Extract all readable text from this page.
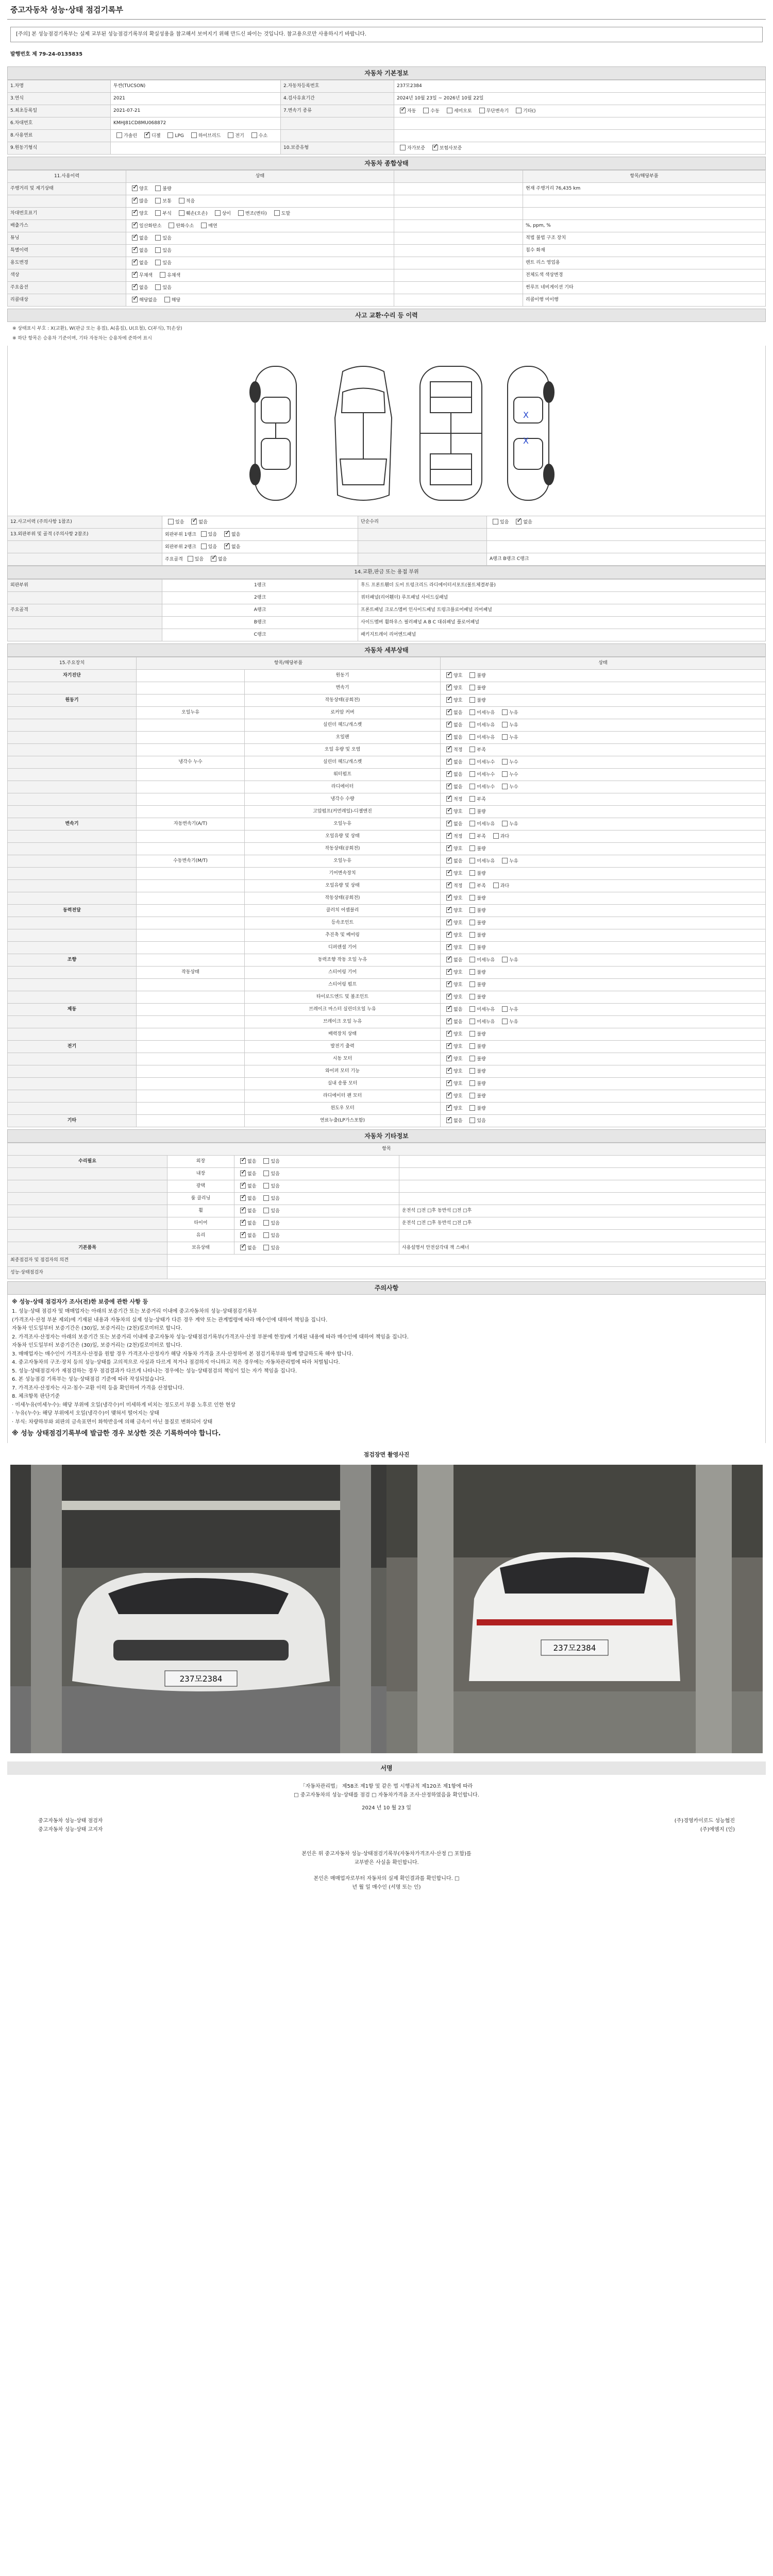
중고자동차 성능·상태 점검기록부
[주의] 본 성능점검기록부는 실제 교부된 성능점검기록부의 확실성용을 참고해서 보여지기 위해 만드신 파이는 것입니다. 참고용으로만 사용하시기 바랍니다.
발행번호 제 79-24-0135835
자동차 기본정보
1.차명	투싼(TUCSON)	2.자동차등록번호	237모2384
3.연식	2021	4.검사유효기간	2024년 10월 23일 ~ 2026년 10월 22일
5.최초등록일	2021-07-21	7.변속기 종류	✓자동 수동 세미오토 무단변속기 기타()
6.차대번호	KMHJ81CD8MU068872		
8.사용연료	가솔린 ✓ 디젤 LPG 하이브리드 전기 수소		
9.원동기형식		10.보증유형	자가보증 ✓ 보험사보증
자동차 종합상태
11.사용이력	상태		항목/해당부품
주행거리 및 계기상태	✓양호 불량		현재 주행거리 76,435 km
	✓많음 보통 적음		
차대번호표기	✓양호 부식 훼손(오손) 상이 변조(변타) 도말		
배출가스	✓일산화탄소 탄화수소 매연		%, ppm, %
튜닝	✓없음 있음		적법 불법 구조 장치
특별이력	✓없음 있음		침수 화재
용도변경	✓없음 있음		렌트 리스 영업용
색상	✓무채색 유채색		전체도색 색상변경
주요옵션	✓없음 있음		썬루프 네비게이션 기타
리콜대상	✓해당없음 해당		리콜이행 미이행
사고 교환·수리 등 이력
※ 상태표시 부호 : X(교환), W(판금 또는 용접), A(흠집), U(요철), C(부식), T(손상)
※ 하단 항목은 승용차 기준이며, 기타 자동차는 승용차에 준하여 표시
X
X
12.사고이력 (주의사항 1참조)	있음 ✓ 없음	단순수리	있음 ✓ 없음
13.외판부위 및 골격 (주의사항 2참조)	외판부위 1랭크 있음 ✓ 없음		
	외판부위 2랭크 있음 ✓ 없음		
	주요골격 있음 ✓ 없음		A랭크 B랭크 C랭크
14.교환,판금 또는 용접 부위
외판부위	1랭크	후드 프론트휀더 도어 트렁크리드 라디에이터서포트(볼트체결부품)
	2랭크	쿼터패널(리어휀더) 루프패널 사이드실패널
주요골격	A랭크	프론트패널 크로스멤버 인사이드패널 트렁크플로어패널 리어패널
	B랭크	사이드멤버 휠하우스 필러패널 A B C 대쉬패널 플로어패널
	C랭크	패키지트레이 리어엔드패널
자동차 세부상태
15.주요장치	항목/해당부품		상태
자기진단		원동기	✓양호 불량
		변속기	✓양호 불량
원동기		작동상태(공회전)	✓양호 불량
	오일누유	로커암 커버	✓없음 미세누유 누유
		실린더 헤드/개스켓	✓없음 미세누유 누유
		오일팬	✓없음 미세누유 누유
		오일 유량 및 오염	✓적정 부족
	냉각수 누수	실린더 헤드/개스켓	✓없음 미세누수 누수
		워터펌프	✓없음 미세누수 누수
		라디에이터	✓없음 미세누수 누수
		냉각수 수량	✓적정 부족
		고압펌프(커먼레일)-디젤엔진	✓양호 불량
변속기	자동변속기(A/T)	오일누유	✓없음 미세누유 누유
		오일유량 및 상태	✓적정 부족 과다
		작동상태(공회전)	✓양호 불량
	수동변속기(M/T)	오일누유	✓없음 미세누유 누유
		기어변속장치	✓양호 불량
		오일유량 및 상태	✓적정 부족 과다
		작동상태(공회전)	✓양호 불량
동력전달		클러치 어셈블리	✓양호 불량
		등속조인트	✓양호 불량
		추진축 및 베어링	✓양호 불량
		디퍼렌셜 기어	✓양호 불량
조향		동력조향 작동 오일 누유	✓없음 미세누유 누유
	작동상태	스티어링 기어	✓양호 불량
		스티어링 펌프	✓양호 불량
		타이로드엔드 및 볼조인트	✓양호 불량
제동		브레이크 마스터 실린더오일 누유	✓없음 미세누유 누유
		브레이크 오일 누유	✓없음 미세누유 누유
		배력장치 상태	✓양호 불량
전기		발전기 출력	✓양호 불량
		시동 모터	✓양호 불량
		와이퍼 모터 기능	✓양호 불량
		실내 송풍 모터	✓양호 불량
		라디에이터 팬 모터	✓양호 불량
		윈도우 모터	✓양호 불량
기타		연료누출(LP가스포함)	✓없음 있음
자동차 기타정보
항목			
수리필요	외장	✓없음 있음	
	내장	✓없음 있음	
	광택	✓없음 있음	
	룸 클리닝	✓없음 있음	
	휠	✓없음 있음	운전석 □전 □후 동반석 □전 □후
	타이어	✓없음 있음	운전석 □전 □후 동반석 □전 □후
	유리	✓없음 있음	
기본품목	보유상태	✓없음 있음	사용설명서 안전삼각대 잭 스패너
최종점검자 및 점검자의 의견			
성능·상태점검자			
주의사항

※ 성능·상태 점검자가 조사(전)한 보증에 관한 사항 등

1. 성능·상태 점검자 및 매매업자는 아래의 보증기간 또는 보증거리 이내에 중고자동차의 성능·상태점검기록부

(가격조사·산정 부분 제외)에 기재된 내용과 자동차의 실제 성능·상태가 다른 경우 계약 또는 관계법령에 따라 매수인에 대하여 책임을 집니다.

자동차 인도일부터 보증기간은 (30)일, 보증거리는 (2천)킬로미터로 합니다.

2. 가격조사·산정자는 아래의 보증기간 또는 보증거리 이내에 중고자동차 성능·상태점검기록부(가격조사·산정 부분에 한정)에 기재된 내용에 따라 매수인에 대하여 책임을 집니다.

자동차 인도일부터 보증기간은 (30)일, 보증거리는 (2천)킬로미터로 합니다.

3. 매매업자는 매수인이 가격조사·산정을 원할 경우 가격조사·산정자가 해당 자동차 가격을 조사·산정하여 본 점검기록부와 함께 발급하도록 해야 합니다.

4. 중고자동차의 구조·장치 등의 성능·상태를 고의적으로 사실과 다르게 적거나 점검하지 아니하고 적은 경우에는 자동차관리법에 따라 처벌됩니다.

5. 성능·상태점검자가 재점검하는 경우 점검결과가 다르게 나타나는 경우에는 성능·상태점검의 책임이 있는 자가 책임을 집니다.

6. 본 성능점검 기록부는 성능·상태점검 기준에 따라 작성되었습니다.

7. 가격조사·산정자는 사고·침수·교환 이력 등을 확인하여 가격을 산정합니다.

8. 체크항목 판단기준

· 미세누유(미세누수): 해당 부위에 오일(냉각수)이 미세하게 비치는 정도로서 부품 노후로 인한 현상

· 누유(누수): 해당 부위에서 오일(냉각수)이 맺혀서 떨어지는 상태

· 부식: 차량하부와 외판의 금속표면이 화학반응에 의해 금속이 아닌 물질로 변화되어 상태

※ 성능 상태점검기록부에 발급한 경우 보상한 것은 기록하여야 합니다.

점검장면 촬영사진
237모2384
237모2384
서명
「자동차관리법」 제58조 제1항 및 같은 법 시행규칙 제120조 제1항에 따라
□ 중고자동차의 성능·상태를 점검 □ 자동차가격을 조사·산정하였음을 확인합니다.
2024 년 10 월 23 일
중고자동차 성능·상태 점검자	(주)경영카이로드 성능협진
중고자동차 성능·상태 고지자	(주)에엠지 (인)
본인은 위 중고자동차 성능·상태점검기록부(자동차가격조사·산정 □ 포함)를
교부받은 사실을 확인합니다.
본인은 매매업자로부터 자동차의 실제 확인결과를 확인합니다. □
년 월 일 매수인 (서명 또는 인)
